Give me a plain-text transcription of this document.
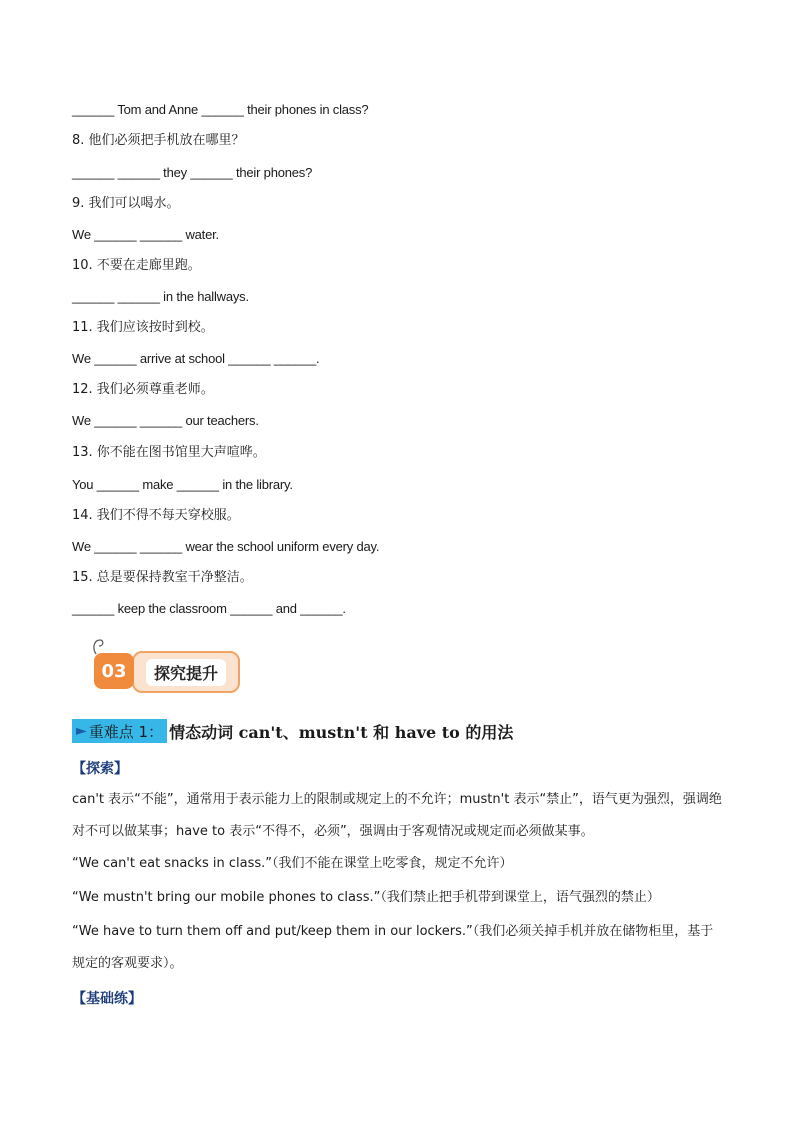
______ Tom and Anne ______ their phones in class?
8. 他们必须把手机放在哪里？
______ ______ they ______ their phones?
9. 我们可以喝水。
We ______ ______ water.
10. 不要在走廊里跑。
______ ______ in the hallways.
11. 我们应该按时到校。
We ______ arrive at school ______ ______.
12. 我们必须尊重老师。
We ______ ______ our teachers.
13. 你不能在图书馆里大声喧哗。
You ______ make ______ in the library.
14. 我们不得不每天穿校服。
We ______ ______ wear the school uniform every day.
15. 总是要保持教室干净整洁。
______ keep the classroom ______ and ______.
探究提升
03
► 重难点 1： 情态动词 can't、mustn't 和 have to 的用法
【探索】
can't 表示“不能”，通常用于表示能力上的限制或规定上的不允许；mustn't 表示“禁止”，语气更为强烈，强调绝对不可以做某事；have to 表示“不得不，必须”，强调由于客观情况或规定而必须做某事。
“We can't eat snacks in class.”（我们不能在课堂上吃零食，规定不允许）
“We mustn't bring our mobile phones to class.”（我们禁止把手机带到课堂上，语气强烈的禁止）
“We have to turn them off and put/keep them in our lockers.”（我们必须关掉手机并放在储物柜里，基于规定的客观要求）。
【基础练】
